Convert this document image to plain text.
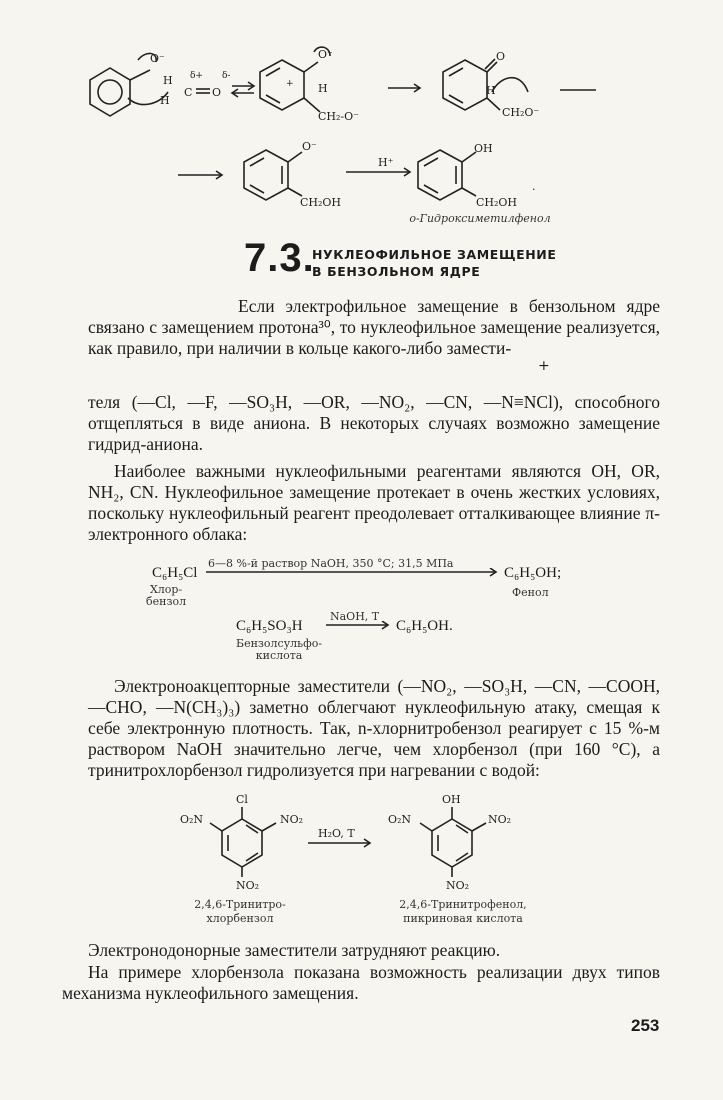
O⁻
H
H
δ+ δ-
C O
+
O⁻
H
CH₂-O⁻
O
H
CH₂O⁻
O⁻
CH₂OH
H⁺
OH
CH₂OH
.
о-Гидроксиметилфенол
7.3.
НУКЛЕОФИЛЬНОЕ ЗАМЕЩЕНИЕ
В БЕНЗОЛЬНОМ ЯДРЕ
Если электрофильное замещение в бензольном ядре связано с замещением протона³⁰, то нуклеофильное замещение реализуется, как правило, при наличии в кольце какого-либо замести-
+
теля (—Cl, —F, —SO₃H, —OR, —NO₂, —CN, —N≡NCl), способного отщепляться в виде аниона. В некоторых случаях возможно замещение гидрид-аниона.
Наиболее важными нуклеофильными реагентами являются OH, OR, NH₂, CN. Нуклеофильное замещение протекает в очень жестких условиях, поскольку нуклеофильный реагент преодолевает отталкивающее влияние π-электронного облака:
C₆H₅Cl
6—8 %-й раствор NaOH, 350 °C; 31,5 МПа
C₆H₅OH;
Хлор-
бензол
Фенол
C₆H₅SO₃H
NaOH, T
C₆H₅OH.
Бензолсульфо-
кислота
Электроноакцепторные заместители (—NO₂, —SO₃H, —CN, —COOH, —CHO, —N(CH₃)₃) заметно облегчают нуклеофильную атаку, смещая к себе электронную плотность. Так, n-хлорнитробензол реагирует с 15 %-м раствором NaOH значительно легче, чем хлорбензол (при 160 °C), а тринитрохлорбензол гидролизуется при нагревании с водой:
Cl
O₂N	NO₂
NO₂
H₂O, T
OH
O₂N	NO₂
NO₂
2,4,6-Тринитро-
хлорбензол
2,4,6-Тринитрофенол,
пикриновая кислота
Электронодонорные заместители затрудняют реакцию.
На примере хлорбензола показана возможность реализации двух типов механизма нуклеофильного замещения.
253
